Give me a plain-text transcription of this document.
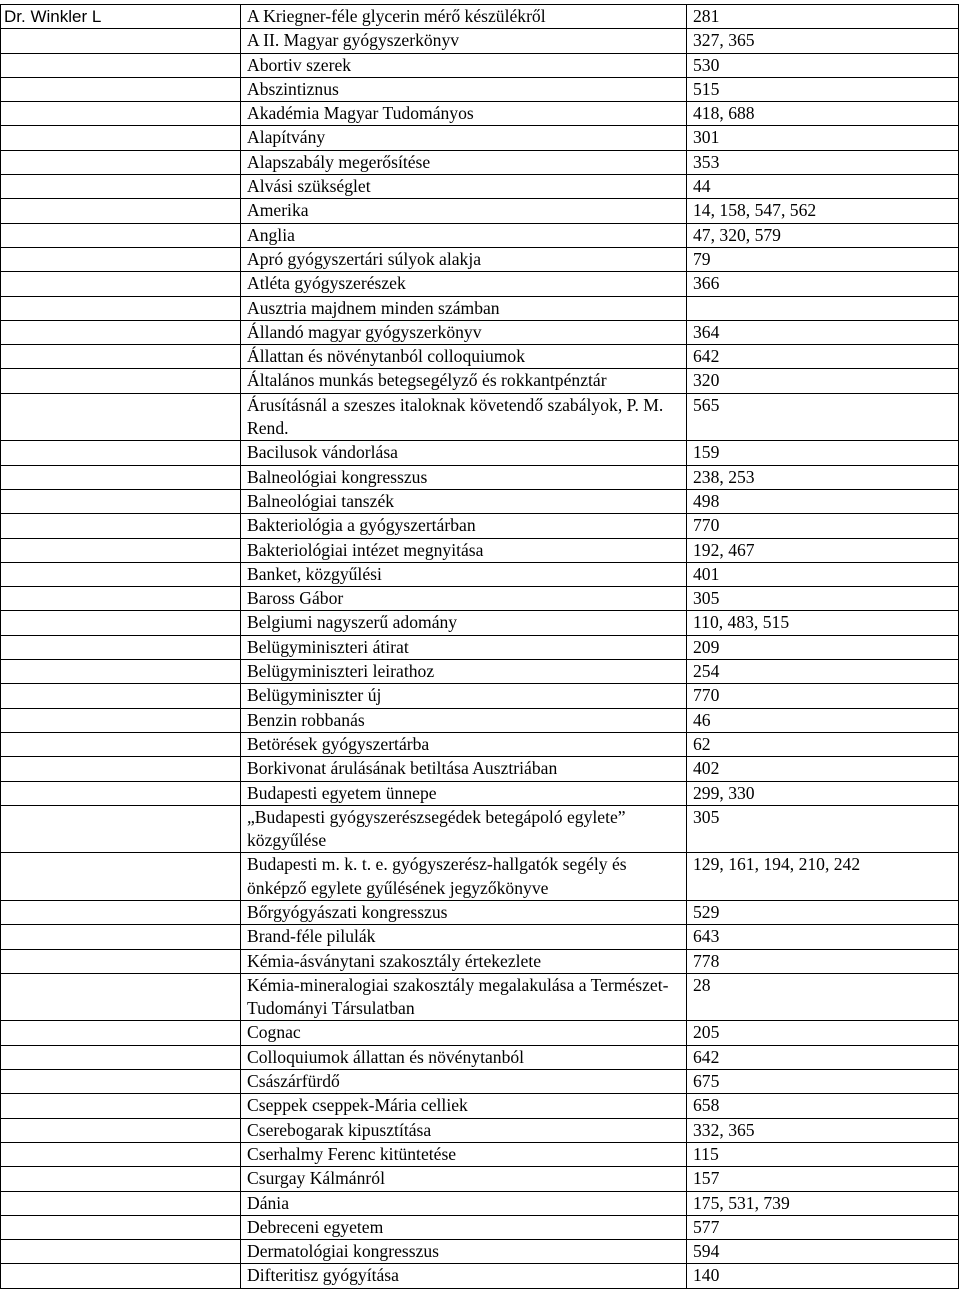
Dr. Winkler L	A Kriegner-féle glycerin mérő készülékről	281
	A II. Magyar gyógyszerkönyv	327, 365
	Abortiv szerek	530
	Abszintiznus	515
	Akadémia Magyar Tudományos	418, 688
	Alapítvány	301
	Alapszabály megerősítése	353
	Alvási szükséglet	44
	Amerika	14, 158, 547, 562
	Anglia	47, 320, 579
	Apró gyógyszertári súlyok alakja	79
	Atléta gyógyszerészek	366
	Ausztria majdnem minden számban	
	Állandó magyar gyógyszerkönyv	364
	Állattan és növénytanból colloquiumok	642
	Általános munkás betegsegélyző és rokkantpénztár	320
	Árusításnál a szeszes italoknak követendő szabályok, P. M. Rend.	565
	Bacilusok vándorlása	159
	Balneológiai kongresszus	238, 253
	Balneológiai tanszék	498
	Bakteriológia a gyógyszertárban	770
	Bakteriológiai intézet megnyitása	192, 467
	Banket, közgyűlési	401
	Baross Gábor	305
	Belgiumi nagyszerű adomány	110, 483, 515
	Belügyminiszteri átirat	209
	Belügyminiszteri leirathoz	254
	Belügyminiszter új	770
	Benzin robbanás	46
	Betörések gyógyszertárba	62
	Borkivonat árulásának betiltása Ausztriában	402
	Budapesti egyetem ünnepe	299, 330
	„Budapesti gyógyszerészsegédek betegápoló egylete” közgyűlése	305
	Budapesti m. k. t. e. gyógyszerész-hallgatók segély és önképző egylete gyűlésének jegyzőkönyve	129, 161, 194, 210, 242
	Bőrgyógyászati kongresszus	529
	Brand-féle pilulák	643
	Kémia-ásványtani szakosztály értekezlete	778
	Kémia-mineralogiai szakosztály megalakulása a Természet-Tudományi Társulatban	28
	Cognac	205
	Colloquiumok állattan és növénytanból	642
	Császárfürdő	675
	Cseppek cseppek-Mária celliek	658
	Cserebogarak kipusztítása	332, 365
	Cserhalmy Ferenc kitüntetése	115
	Csurgay Kálmánról	157
	Dánia	175, 531, 739
	Debreceni egyetem	577
	Dermatológiai kongresszus	594
	Difteritisz gyógyítása	140
